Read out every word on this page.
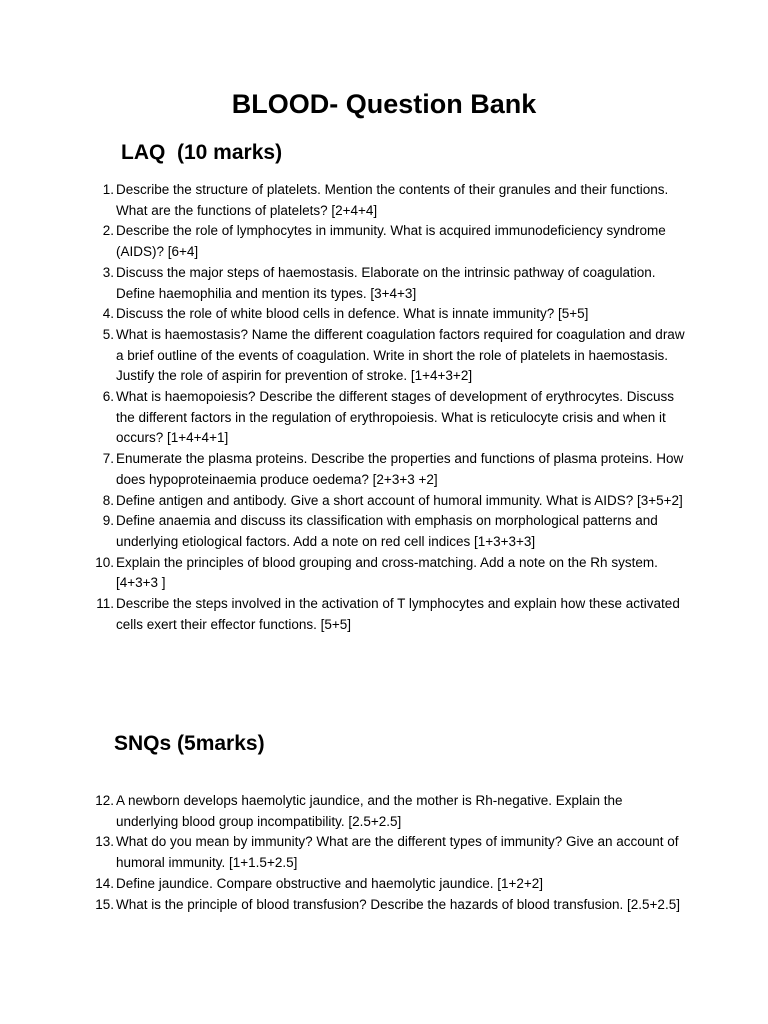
BLOOD- Question Bank
LAQ  (10 marks)
1. Describe the structure of platelets. Mention the contents of their granules and their functions. What are the functions of platelets? [2+4+4]
2. Describe the role of lymphocytes in immunity. What is acquired immunodeficiency syndrome (AIDS)? [6+4]
3. Discuss the major steps of haemostasis. Elaborate on the intrinsic pathway of coagulation. Define haemophilia and mention its types. [3+4+3]
4. Discuss the role of white blood cells in defence. What is innate immunity? [5+5]
5. What is haemostasis? Name the different coagulation factors required for coagulation and draw a brief outline of the events of coagulation. Write in short the role of platelets in haemostasis. Justify the role of aspirin for prevention of stroke. [1+4+3+2]
6. What is haemopoiesis? Describe the different stages of development of erythrocytes. Discuss the different factors in the regulation of erythropoiesis. What is reticulocyte crisis and when it occurs? [1+4+4+1]
7. Enumerate the plasma proteins. Describe the properties and functions of plasma proteins. How does hypoproteinaemia produce oedema? [2+3+3 +2]
8. Define antigen and antibody. Give a short account of humoral immunity. What is AIDS? [3+5+2]
9. Define anaemia and discuss its classification with emphasis on morphological patterns and underlying etiological factors. Add a note on red cell indices [1+3+3+3]
10. Explain the principles of blood grouping and cross-matching. Add a note on the Rh system. [4+3+3 ]
11. Describe the steps involved in the activation of T lymphocytes and explain how these activated cells exert their effector functions. [5+5]
SNQs (5marks)
12. A newborn develops haemolytic jaundice, and the mother is Rh-negative. Explain the underlying blood group incompatibility. [2.5+2.5]
13. What do you mean by immunity? What are the different types of immunity? Give an account of humoral immunity. [1+1.5+2.5]
14. Define jaundice. Compare obstructive and haemolytic jaundice. [1+2+2]
15. What is the principle of blood transfusion? Describe the hazards of blood transfusion. [2.5+2.5]
